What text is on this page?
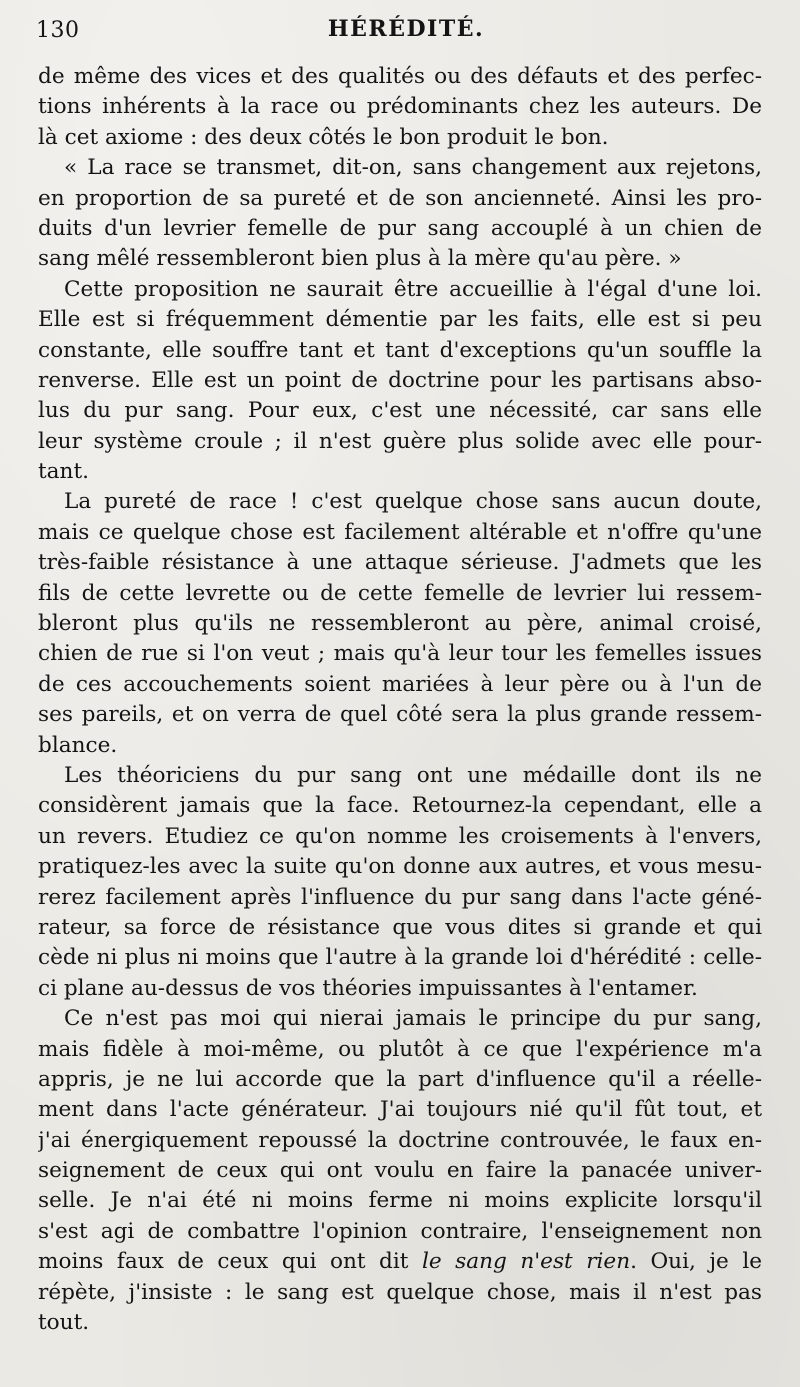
130	HÉRÉDITÉ.
de même des vices et des qualités ou des défauts et des perfec-
tions inhérents à la race ou prédominants chez les auteurs. De
là cet axiome : des deux côtés le bon produit le bon.
« La race se transmet, dit-on, sans changement aux rejetons,
en proportion de sa pureté et de son ancienneté. Ainsi les pro-
duits d'un levrier femelle de pur sang accouplé à un chien de
sang mêlé ressembleront bien plus à la mère qu'au père. »
Cette proposition ne saurait être accueillie à l'égal d'une loi.
Elle est si fréquemment démentie par les faits, elle est si peu
constante, elle souffre tant et tant d'exceptions qu'un souffle la
renverse. Elle est un point de doctrine pour les partisans abso-
lus du pur sang. Pour eux, c'est une nécessité, car sans elle
leur système croule ; il n'est guère plus solide avec elle pour-
tant.
La pureté de race ! c'est quelque chose sans aucun doute,
mais ce quelque chose est facilement altérable et n'offre qu'une
très-faible résistance à une attaque sérieuse. J'admets que les
fils de cette levrette ou de cette femelle de levrier lui ressem-
bleront plus qu'ils ne ressembleront au père, animal croisé,
chien de rue si l'on veut ; mais qu'à leur tour les femelles issues
de ces accouchements soient mariées à leur père ou à l'un de
ses pareils, et on verra de quel côté sera la plus grande ressem-
blance.
Les théoriciens du pur sang ont une médaille dont ils ne
considèrent jamais que la face. Retournez-la cependant, elle a
un revers. Etudiez ce qu'on nomme les croisements à l'envers,
pratiquez-les avec la suite qu'on donne aux autres, et vous mesu-
rerez facilement après l'influence du pur sang dans l'acte géné-
rateur, sa force de résistance que vous dites si grande et qui
cède ni plus ni moins que l'autre à la grande loi d'hérédité : celle-
ci plane au-dessus de vos théories impuissantes à l'entamer.
Ce n'est pas moi qui nierai jamais le principe du pur sang,
mais fidèle à moi-même, ou plutôt à ce que l'expérience m'a
appris, je ne lui accorde que la part d'influence qu'il a réelle-
ment dans l'acte générateur. J'ai toujours nié qu'il fût tout, et
j'ai énergiquement repoussé la doctrine controuvée, le faux en-
seignement de ceux qui ont voulu en faire la panacée univer-
selle. Je n'ai été ni moins ferme ni moins explicite lorsqu'il
s'est agi de combattre l'opinion contraire, l'enseignement non
moins faux de ceux qui ont dit le sang n'est rien. Oui, je le
répète, j'insiste : le sang est quelque chose, mais il n'est pas
tout.
